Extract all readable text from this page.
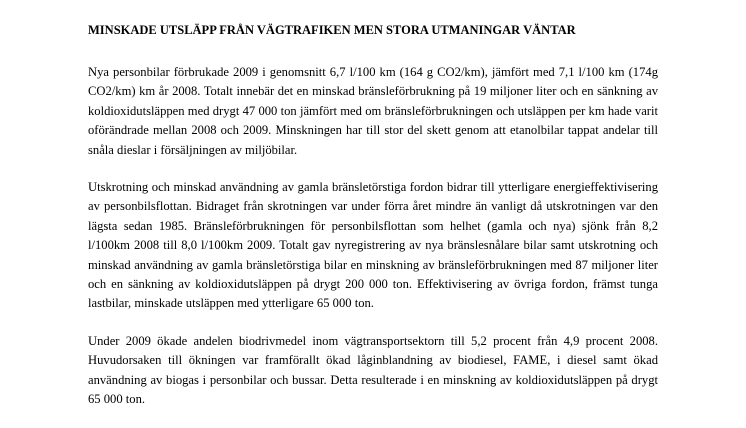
MINSKADE UTSLÄPP FRÅN VÄGTRAFIKEN MEN STORA UTMANINGAR VÄNTAR

Nya personbilar förbrukade 2009 i genomsnitt 6,7 l/100 km (164 g CO2/km), jämfört med 7,1 l/100 km (174g CO2/km) km år 2008. Totalt innebär det en minskad bränsleförbrukning på 19 miljoner liter och en sänkning av koldioxidutsläppen med drygt 47 000 ton jämfört med om bränsleförbrukningen och utsläppen per km hade varit oförändrade mellan 2008 och 2009. Minskningen har till stor del skett genom att etanolbilar tappat andelar till snåla dieslar i försäljningen av miljöbilar.

Utskrotning och minskad användning av gamla bränsletörstiga fordon bidrar till ytterligare energieffektivisering av personbilsflottan. Bidraget från skrotningen var under förra året mindre än vanligt då utskrotningen var den lägsta sedan 1985. Bränsleförbrukningen för personbilsflottan som helhet (gamla och nya) sjönk från 8,2 l/100km 2008 till 8,0 l/100km 2009. Totalt gav nyregistrering av nya bränslesnålare bilar samt utskrotning och minskad användning av gamla bränsletörstiga bilar en minskning av bränsleförbrukningen med 87 miljoner liter och en sänkning av koldioxidutsläppen på drygt 200 000 ton. Effektivisering av övriga fordon, främst tunga lastbilar, minskade utsläppen med ytterligare 65 000 ton.

Under 2009 ökade andelen biodrivmedel inom vägtransportsektorn till 5,2 procent från 4,9 procent 2008. Huvudorsaken till ökningen var framförallt ökad låginblandning av biodiesel, FAME, i diesel samt ökad användning av biogas i personbilar och bussar. Detta resulterade i en minskning av koldioxidutsläppen på drygt 65 000 ton.
